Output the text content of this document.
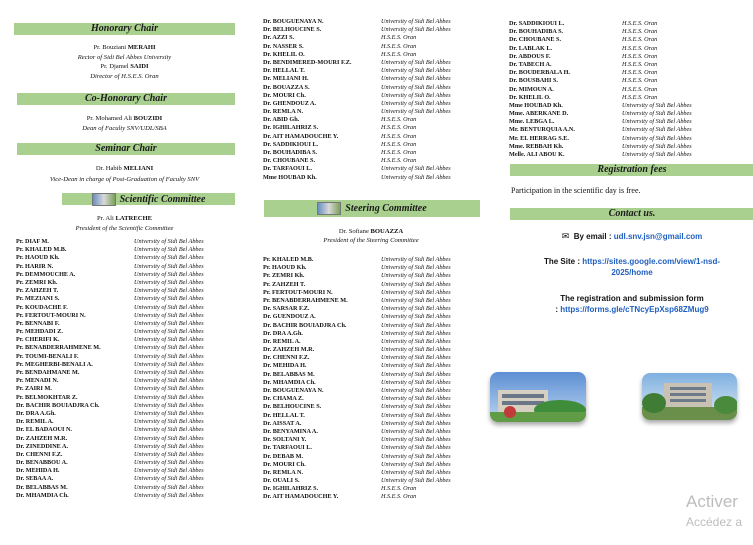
Honorary Chair
Pr. Bouziani MERAHI
Rector of Sidi Bel Abbes University
Pr. Djamel SAIDI
Director of H.S.E.S. Oran
Co-Honorary Chair
Pr. Mohamed Ali BOUZIDI
Dean of Faculty SNV/UDL/SBA
Seminar Chair
Dr. Habib MELIANI
Vice-Dean in charge of Post-Graduation of Faculty SNV
Scientific Committee
Pr. Ali LATRECHE
President of the Scientific Committee
Pr. DIAF M.	University of Sidi Bel Abbes
Pr. KHALED M.B.	University of Sidi Bel Abbes
Pr. HAOUD Kh.	University of Sidi Bel Abbes
Pr. HARIR N.	University of Sidi Bel Abbes
Pr. DEMMOUCHE A.	University of Sidi Bel Abbes
Pr. ZEMRI Kh.	University of Sidi Bel Abbes
Pr. ZAHZEH T.	University of Sidi Bel Abbes
Pr. MEZIANI S.	University of Sidi Bel Abbes
Pr. KOUDACHE F.	University of Sidi Bel Abbes
Pr. FERTOUT-MOURI N.	University of Sidi Bel Abbes
Pr. BENNABI F.	University of Sidi Bel Abbes
Pr. MEHDADI Z.	University of Sidi Bel Abbes
Pr. CHERIFI K.	University of Sidi Bel Abbes
Pr. BENABDERRAHMENE M.	University of Sidi Bel Abbes
Pr. TOUMI-BENALI F.	University of Sidi Bel Abbes
Pr. MEGHERBI-BENALI A.	University of Sidi Bel Abbes
Pr. BENDAHMANE M.	University of Sidi Bel Abbes
Pr. MENADI N.	University of Sidi Bel Abbes
Pr. ZAIRI M.	University of Sidi Bel Abbes
Pr. BELMOKHTAR Z.	University of Sidi Bel Abbes
Dr. BACHIR BOUIADJRA Ch.	University of Sidi Bel Abbes
Dr. DRA A.Gh.	University of Sidi Bel Abbes
Dr. REMIL A.	University of Sidi Bel Abbes
Dr. EL BADAOUI N.	University of Sidi Bel Abbes
Dr. ZAHZEH M.R.	University of Sidi Bel Abbes
Dr. ZINEDDINE A.	University of Sidi Bel Abbes
Dr. CHENNI F.Z.	University of Sidi Bel Abbes
Dr. BENABBOU A.	University of Sidi Bel Abbes
Dr. MEHIDA H.	University of Sidi Bel Abbes
Dr. SEBAA A.	University of Sidi Bel Abbes
Dr. BELABBAS M.	University of Sidi Bel Abbes
Dr. MHAMDIA Ch.	University of Sidi Bel Abbes
Dr. BOUGUENAYA N.	University of Sidi Bel Abbes
Dr. BELHOUCINE S.	University of Sidi Bel Abbes
Dr. AZZI S.	H.S.E.S. Oran
Dr. NASSER S.	H.S.E.S. Oran
Dr. KHELIL O.	H.S.E.S. Oran
Dr. BENDIMERED-MOURI F.Z.	University of Sidi Bel Abbes
Dr. HELLAL T.	University of Sidi Bel Abbes
Dr. MELIANI H.	University of Sidi Bel Abbes
Dr. BOUAZZA S.	University of Sidi Bel Abbes
Dr. MOURI Ch.	University of Sidi Bel Abbes
Dr. GHENDOUZ A.	University of Sidi Bel Abbes
Dr. REMLA N.	University of Sidi Bel Abbes
Dr. ABID Gh.	H.S.E.S. Oran
Dr. IGHILAHRIZ S.	H.S.E.S. Oran
Dr. AIT HAMADOUCHE Y.	H.S.E.S. Oran
Dr. SADDIKIOUI L.	H.S.E.S. Oran
Dr. BOUHADIBA S.	H.S.E.S. Oran
Dr. CHOUBANE S.	H.S.E.S. Oran
Dr. TARFAOUI L.	University of Sidi Bel Abbes
Mme HOUBAD Kh.	University of Sidi Bel Abbes
Steering Committee
Dr. Sofiane BOUAZZA
President of the Steering Committee
Pr. KHALED M.B.	University of Sidi Bel Abbes
Pr. HAOUD Kh.	University of Sidi Bel Abbes
Pr. ZEMRI Kh.	University of Sidi Bel Abbes
Pr. ZAHZEH T.	University of Sidi Bel Abbes
Pr. FERTOUT-MOURI N.	University of Sidi Bel Abbes
Pr. BENABDERRAHMENE M.	University of Sidi Bel Abbes
Dr. SARSAR F.Z.	University of Sidi Bel Abbes
Dr. GUENDOUZ A.	University of Sidi Bel Abbes
Dr. BACHIR BOUIADJRA Ch.	University of Sidi Bel Abbes
Dr. DRA A.Gh.	University of Sidi Bel Abbes
Dr. REMIL A.	University of Sidi Bel Abbes
Dr. ZAHZEH M.R.	University of Sidi Bel Abbes
Dr. CHENNI F.Z.	University of Sidi Bel Abbes
Dr. MEHIDA H.	University of Sidi Bel Abbes
Dr. BELABBAS M.	University of Sidi Bel Abbes
Dr. MHAMDIA Ch.	University of Sidi Bel Abbes
Dr. BOUGUENAYA N.	University of Sidi Bel Abbes
Dr. CHAMA Z.	University of Sidi Bel Abbes
Dr. BELHOUCINE S.	University of Sidi Bel Abbes
Dr. HELLAL T.	University of Sidi Bel Abbes
Dr. AISSAT A.	University of Sidi Bel Abbes
Dr. BENYAMINA A.	University of Sidi Bel Abbes
Dr. SOLTANI Y.	University of Sidi Bel Abbes
Dr. TARFAOUI L.	University of Sidi Bel Abbes
Dr. DEBAB M.	University of Sidi Bel Abbes
Dr. MOURI Ch.	University of Sidi Bel Abbes
Dr. REMLA N.	University of Sidi Bel Abbes
Dr. OUALI S.	University of Sidi Bel Abbes
Dr. IGHILAHRIZ S.	H.S.E.S. Oran
Dr. AIT HAMADOUCHE Y.	H.S.E.S. Oran
Dr. SADDIKIOUI L.	H.S.E.S. Oran
Dr. BOUHADIBA S.	H.S.E.S. Oran
Dr. CHOUBANE S.	H.S.E.S. Oran
Dr. LABLAK L.	H.S.E.S. Oran
Dr. ABDOUS F.	H.S.E.S. Oran
Dr. TABECH A.	H.S.E.S. Oran
Dr. BOUDERBALA H.	H.S.E.S. Oran
Dr. BOUSBAHI S.	H.S.E.S. Oran
Dr. MIMOUN A.	H.S.E.S. Oran
Dr. KHELIL O.	H.S.E.S. Oran
Mme HOUBAD Kh.	University of Sidi Bel Abbes
Mme. ABERKANE D.	University of Sidi Bel Abbes
Mme. LEBGA L.	University of Sidi Bel Abbes
Mr. BENTURQUIA A.N.	University of Sidi Bel Abbes
Mr. EL HERRAG S.E.	University of Sidi Bel Abbes
Mme. REBBAH Kh.	University of Sidi Bel Abbes
Melle. ALI ABOU K.	University of Sidi Bel Abbes
Registration fees
Participation in the scientific day is free.
Contact us.
✉ By email : udl.snv.jsn@gmail.com
The Site : https://sites.google.com/view/1-nsd-
2025/home
The registration and submission form
: https://forms.gle/cTNcyEpXsp68ZMug9
Activer
Accédez a
